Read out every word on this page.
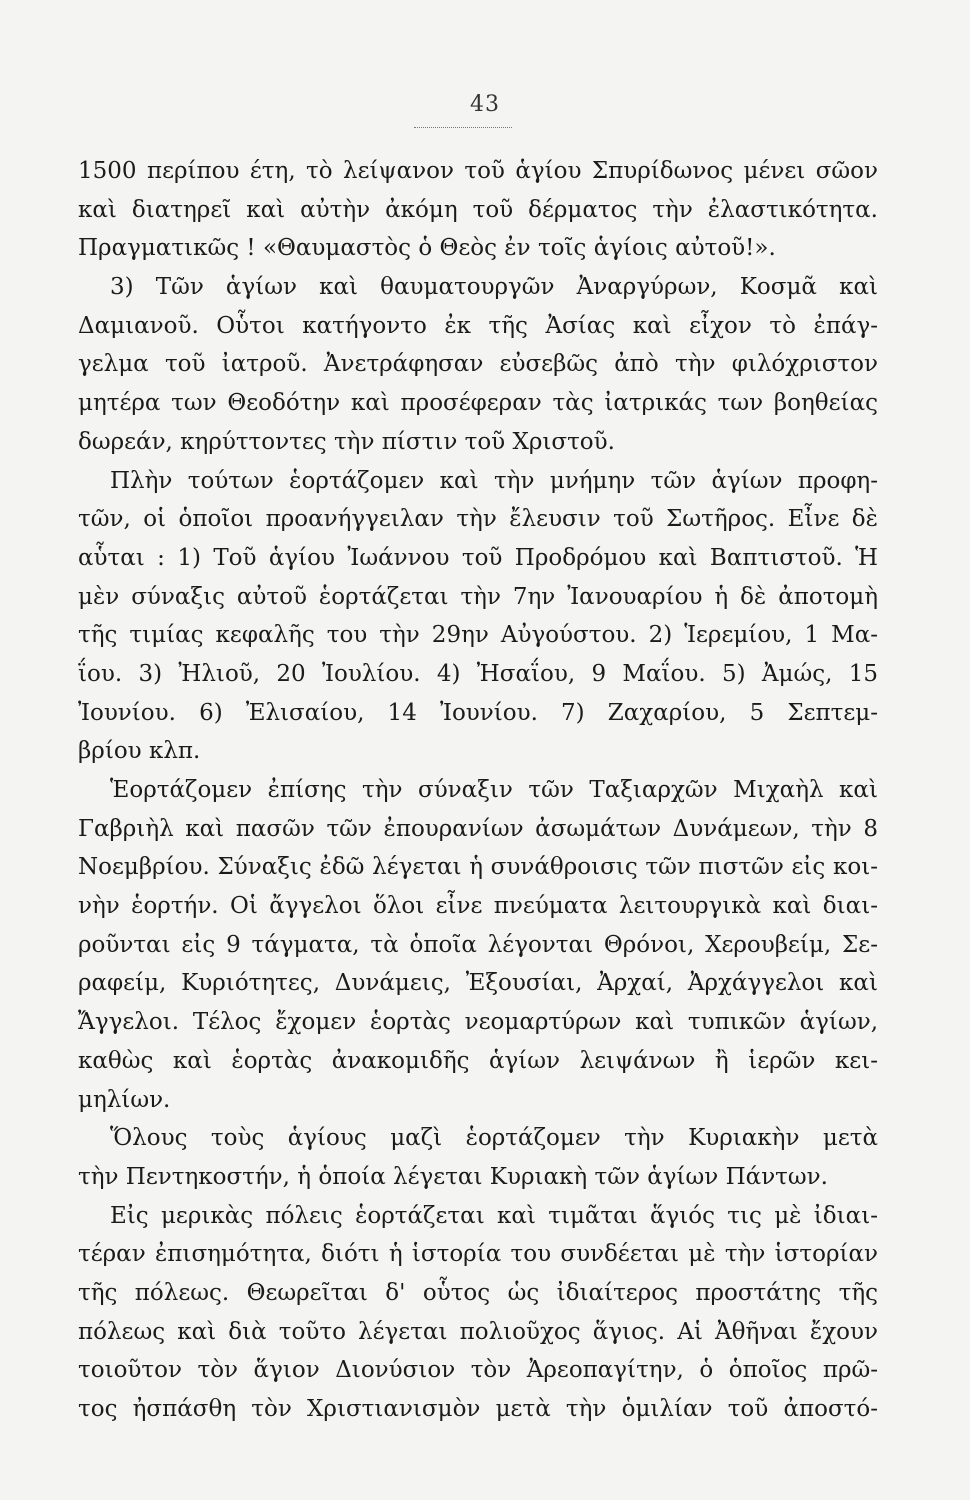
43
1500 περίπου έτη, τὸ λείψανον τοῦ ἁγίου Σπυρίδωνος μένει σῶον
καὶ διατηρεῖ καὶ αὐτὴν ἀκόμη τοῦ δέρματος τὴν ἐλαστικότητα.
Πραγματικῶς ! «Θαυμαστὸς ὁ Θεὸς ἐν τοῖς ἁγίοις αὐτοῦ!».
3) Τῶν ἁγίων καὶ θαυματουργῶν Ἀναργύρων, Κοσμᾶ καὶ
Δαμιανοῦ. Οὗτοι κατήγοντο ἐκ τῆς Ἀσίας καὶ εἶχον τὸ ἐπάγ-
γελμα τοῦ ἰατροῦ. Ἀνετράφησαν εὐσεβῶς ἀπὸ τὴν φιλόχριστον
μητέρα των Θεοδότην καὶ προσέφεραν τὰς ἰατρικάς των βοηθείας
δωρεάν, κηρύττοντες τὴν πίστιν τοῦ Χριστοῦ.
Πλὴν τούτων ἑορτάζομεν καὶ τὴν μνήμην τῶν ἁγίων προφη-
τῶν, οἱ ὁποῖοι προανήγγειλαν τὴν ἔλευσιν τοῦ Σωτῆρος. Εἶνε δὲ
αὗται : 1) Τοῦ ἁγίου Ἰωάννου τοῦ Προδρόμου καὶ Βαπτιστοῦ. Ἡ
μὲν σύναξις αὐτοῦ ἑορτάζεται τὴν 7ην Ἰανουαρίου ἡ δὲ ἀποτομὴ
τῆς τιμίας κεφαλῆς του τὴν 29ην Αὐγούστου. 2) Ἱερεμίου, 1 Μα-
ΐου. 3) Ἠλιοῦ, 20 Ἰουλίου. 4) Ἠσαΐου, 9 Μαΐου. 5) Ἀμώς, 15
Ἰουνίου. 6) Ἐλισαίου, 14 Ἰουνίου. 7) Ζαχαρίου, 5 Σεπτεμ-
βρίου κλπ.
Ἑορτάζομεν ἐπίσης τὴν σύναξιν τῶν Ταξιαρχῶν Μιχαὴλ καὶ
Γαβριὴλ καὶ πασῶν τῶν ἐπουρανίων ἀσωμάτων Δυνάμεων, τὴν 8
Νοεμβρίου. Σύναξις ἐδῶ λέγεται ἡ συνάθροισις τῶν πιστῶν εἰς κοι-
νὴν ἑορτήν. Οἱ ἄγγελοι ὅλοι εἶνε πνεύματα λειτουργικὰ καὶ διαι-
ροῦνται εἰς 9 τάγματα, τὰ ὁποῖα λέγονται Θρόνοι, Χερουβείμ, Σε-
ραφείμ, Κυριότητες, Δυνάμεις, Ἐξουσίαι, Ἀρχαί, Ἀρχάγγελοι καὶ
Ἄγγελοι. Τέλος ἔχομεν ἑορτὰς νεομαρτύρων καὶ τυπικῶν ἁγίων,
καθὼς καὶ ἑορτὰς ἀνακομιδῆς ἁγίων λειψάνων ἢ ἱερῶν κει-
μηλίων.
Ὅλους τοὺς ἁγίους μαζὶ ἑορτάζομεν τὴν Κυριακὴν μετὰ
τὴν Πεντηκοστήν, ἡ ὁποία λέγεται Κυριακὴ τῶν ἁγίων Πάντων.
Εἰς μερικὰς πόλεις ἑορτάζεται καὶ τιμᾶται ἅγιός τις μὲ ἰδιαι-
τέραν ἐπισημότητα, διότι ἡ ἱστορία του συνδέεται μὲ τὴν ἱστορίαν
τῆς πόλεως. Θεωρεῖται δ' οὗτος ὡς ἰδιαίτερος προστάτης τῆς
πόλεως καὶ διὰ τοῦτο λέγεται πολιοῦχος ἅγιος. Αἱ Ἀθῆναι ἔχουν
τοιοῦτον τὸν ἅγιον Διονύσιον τὸν Ἀρεοπαγίτην, ὁ ὁποῖος πρῶ-
τος ἠσπάσθη τὸν Χριστιανισμὸν μετὰ τὴν ὁμιλίαν τοῦ ἀποστό-
